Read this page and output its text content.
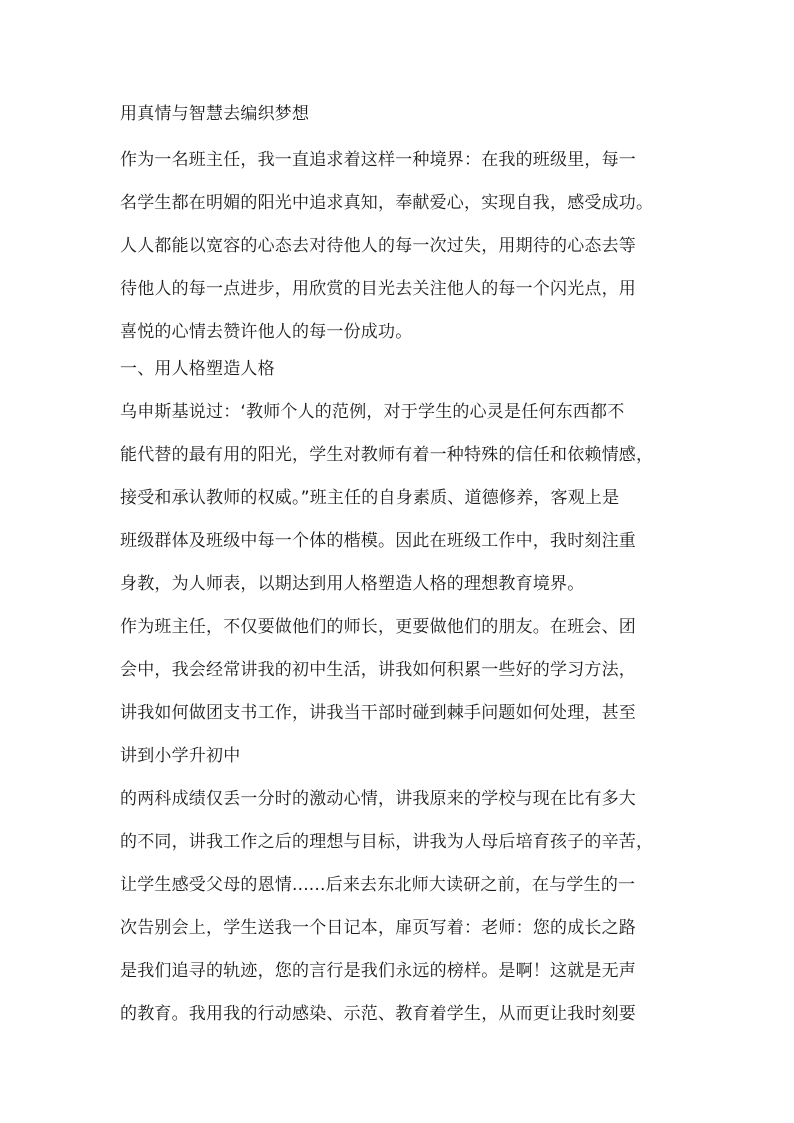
用真情与智慧去编织梦想
作为一名班主任，我一直追求着这样一种境界：在我的班级里，每一
名学生都在明媚的阳光中追求真知，奉献爱心，实现自我，感受成功。
人人都能以宽容的心态去对待他人的每一次过失，用期待的心态去等
待他人的每一点进步，用欣赏的目光去关注他人的每一个闪光点，用
喜悦的心情去赞许他人的每一份成功。
一、用人格塑造人格
乌申斯基说过：‘教师个人的范例，对于学生的心灵是任何东西都不
能代替的最有用的阳光，学生对教师有着一种特殊的信任和依赖情感，
接受和承认教师的权威。”班主任的自身素质、道德修养，客观上是
班级群体及班级中每一个体的楷模。因此在班级工作中，我时刻注重
身教，为人师表，以期达到用人格塑造人格的理想教育境界。
作为班主任，不仅要做他们的师长，更要做他们的朋友。在班会、团
会中，我会经常讲我的初中生活，讲我如何积累一些好的学习方法，
讲我如何做团支书工作，讲我当干部时碰到棘手问题如何处理，甚至
讲到小学升初中
的两科成绩仅丢一分时的激动心情，讲我原来的学校与现在比有多大
的不同，讲我工作之后的理想与目标，讲我为人母后培育孩子的辛苦，
让学生感受父母的恩情......后来去东北师大读研之前，在与学生的一
次告别会上，学生送我一个日记本，扉页写着：老师：您的成长之路
是我们追寻的轨迹，您的言行是我们永远的榜样。是啊！这就是无声
的教育。我用我的行动感染、示范、教育着学生，从而更让我时刻要
